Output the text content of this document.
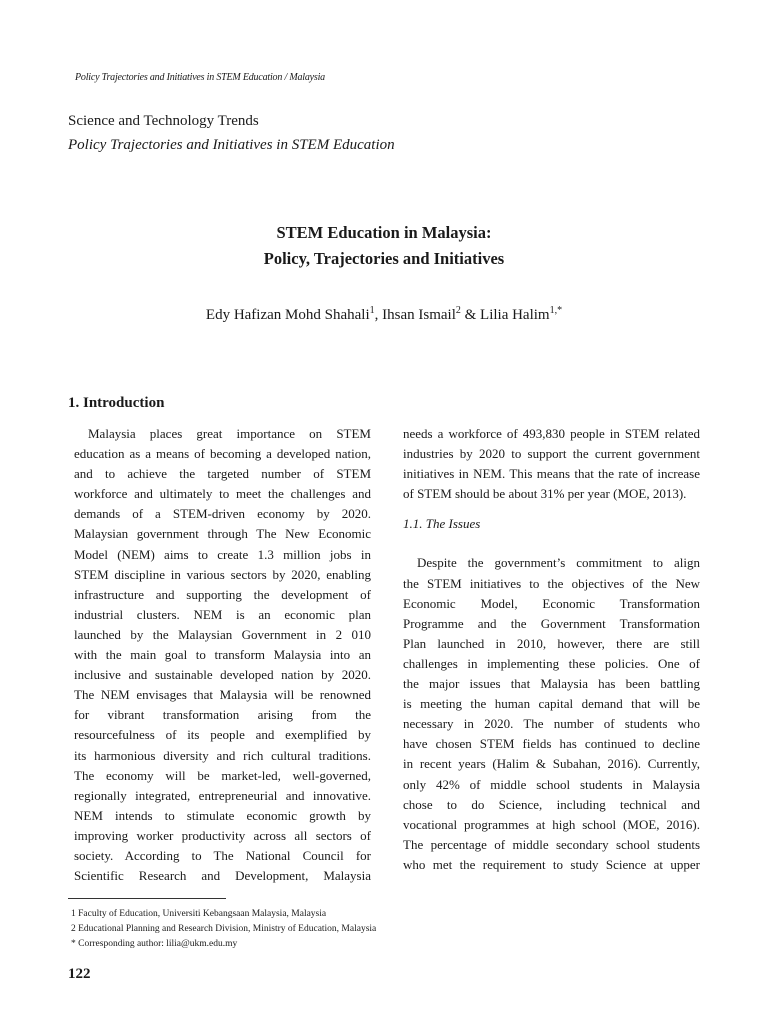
Policy Trajectories and Initiatives in STEM Education / Malaysia
Science and Technology Trends
Policy Trajectories and Initiatives in STEM Education
STEM Education in Malaysia:
Policy, Trajectories and Initiatives
Edy Hafizan Mohd Shahali$^1$, Ihsan Ismail$^2$ & Lilia Halim$^{1,*}$
1. Introduction
Malaysia places great importance on STEM
education as a means of becoming a developed nation,
and to achieve the targeted number of STEM
workforce and ultimately to meet the challenges and
demands of a STEM-driven economy by 2020.
Malaysian government through The New Economic
Model (NEM) aims to create 1.3 million jobs in
STEM discipline in various sectors by 2020, enabling
infrastructure and supporting the development of
industrial clusters. NEM is an economic plan
launched by the Malaysian Government in 2 010
with the main goal to transform Malaysia into an
inclusive and sustainable developed nation by 2020.
The NEM envisages that Malaysia will be renowned
for vibrant transformation arising from the
resourcefulness of its people and exemplified by
its harmonious diversity and rich cultural traditions.
The economy will be market-led, well-governed,
regionally integrated, entrepreneurial and innovative.
NEM intends to stimulate economic growth by
improving worker productivity across all sectors of
society. According to The National Council for
Scientific Research and Development, Malaysia
needs a workforce of 493,830 people in STEM related
industries by 2020 to support the current government
initiatives in NEM. This means that the rate of increase
of STEM should be about 31% per year (MOE, 2013).
1.1. The Issues
Despite the government’s commitment to align
the STEM initiatives to the objectives of the New
Economic Model, Economic Transformation
Programme and the Government Transformation
Plan launched in 2010, however, there are still
challenges in implementing these policies. One of
the major issues that Malaysia has been battling
is meeting the human capital demand that will be
necessary in 2020. The number of students who
have chosen STEM fields has continued to decline
in recent years (Halim & Subahan, 2016). Currently,
only 42% of middle school students in Malaysia
chose to do Science, including technical and
vocational programmes at high school (MOE, 2016).
The percentage of middle secondary school students
who met the requirement to study Science at upper
1 Faculty of Education, Universiti Kebangsaan Malaysia, Malaysia
2 Educational Planning and Research Division, Ministry of Education, Malaysia
* Corresponding author: lilia@ukm.edu.my
122
